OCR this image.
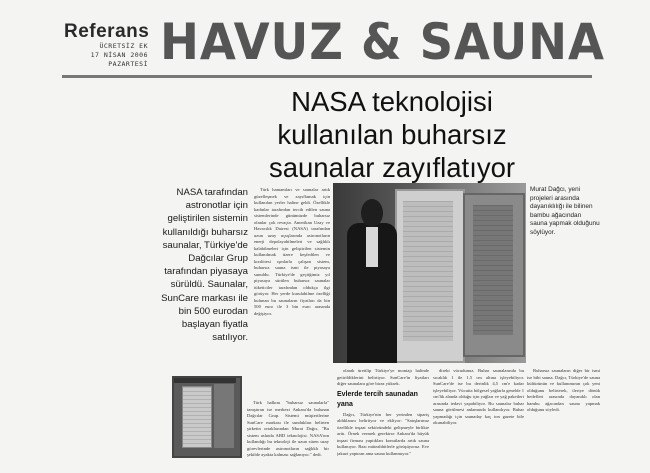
Referans
ÜCRETSİZ EK
17 NİSAN 2006
PAZARTESİ HAVUZ & SAUNA
NASA teknolojisi
kullanılan buharsız
saunalar zayıflatıyor
NASA tarafından astronotlar için geliştirilen sistemin kullanıldığı buharsız saunalar, Türkiye'de Dağcılar Grup tarafından piyasaya sürüldü. Saunalar, SunCare markası ile bin 500 eurodan başlayan fiyatla satılıyor.

Türk hamamları ve saunalar artık güzelleşmek ve zayıflamak için kullanılan yerler haline geldi. Özellikle kadınlar tarafından tercih edilen sauna sistemlerinde günümüzde buharsız olanlar çok revaçta. Amerikan Uzay ve Havacılık Dairesi (NASA) tarafından uzun uzay uçuşlarında astronotların enerji depolayabilmeleri ve sağlıklı kalabilmeleri için geliştirilen sistemin kullanılmak üzere keşfedilen ve kızılötesi ışınlarla çalışan sistem, buharsız sauna ismi ile piyasaya sunuldu. Türkiye'de geçtiğimiz yıl piyasaya sürülen buharsız saunalar tüketiciler tarafından oldukça ilgi görüyor. Her yerde kurulabilme özelliği bulunan bu saunaların fiyatları da bin 500 euro ile 3 bin euro arasında değişiyor.

Murat Dağcı, yeni projeleri arasında dayanıklılığı ile bilinen bambu ağacından sauna yapmak olduğunu söylüyor.

olarak üretilip Türkiye'ye montajı halinde getirildiklerini belirtiyor. SunCare'in fiyatları diğer saunalara göre biraz yüksek.

Evlerde tercih saunadan yana

Dağcı, Türkiye'nin her yerinden sipariş aldıklarını belirtiyor ve ekliyor: "Satışlarımız özellikle inşaat sektöründeki gelişmeyle birlikte arttı. Örnek vermek gerekirse Ankara'da büyük inşaat firması yaptıkları konutlarda artık sauna kullanıyor. Bazı müteahhitlerle görüşüyoruz. Eve jakuzi yaptıran ama sauna kullanmıyor."

direkt vücudunuz. Buhar saunalarında bu sıcaklık 1 ile 1,5 cm altına işleyebiliyor. SunCare'de ise bu derinlik 4,5 cm'e kadar işleyebiliyor. Vücutta bölgesel yağlarla genelde 1 cm'lik alanda olduğu için yağları ve yağ paketleri arasında tedavi yapabiliyor. Bu saunalar buhar sauna görülmesi anlamında kullanılıyor. Buhar yapmadığı için saunaday kaç ton gazete bile okunabiliyor.

Buharsız saunaların diğer bir ismi ise bibi sauna. Dağcı, Türkiye'de sauna kültürünün ve kullanımının çok yeni olduğunu belirterek, ileriye dönük hedefleri arasında dayanıklı olan bambu ağacından sauna yapmak olduğunu söyledi.

Türk halkını "buharsız saunalarla" tanıştıran ise merkezi Ankara'da bulunan Dağcılar Grup. Sistemi müşterilerine SunCare markası ile sundukları belirten şirketin ortaklarından Murat Dağcı, "Bu sistem aslında ABD teknolojisi. NASA'nın kullandığı bu teknoloji ile uzun süren uzay görevlerinde astronotların sağlıklı bir şekilde ayakta kalması sağlanıyor." dedi.
